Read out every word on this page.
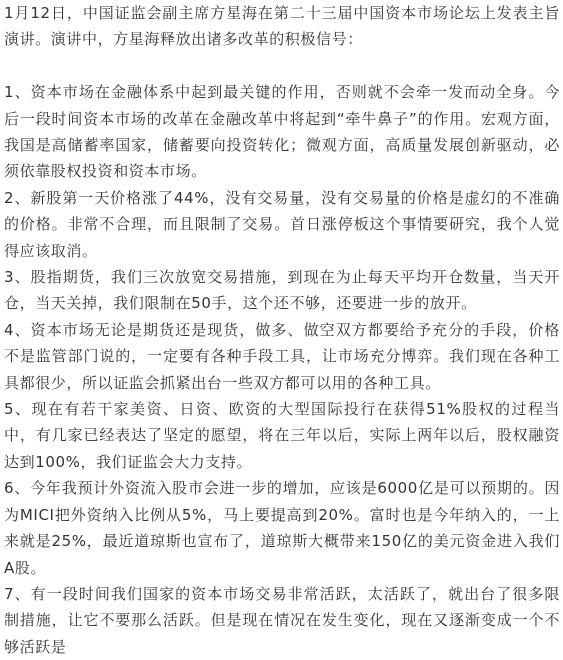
1月12日，中国证监会副主席方星海在第二十三届中国资本市场论坛上发表主旨演讲。演讲中，方星海释放出诸多改革的积极信号：

1、资本市场在金融体系中起到最关键的作用，否则就不会牵一发而动全身。今后一段时间资本市场的改革在金融改革中将起到“牵牛鼻子”的作用。宏观方面，我国是高储蓄率国家，储蓄要向投资转化；微观方面，高质量发展创新驱动，必须依靠股权投资和资本市场。

2、新股第一天价格涨了44%，没有交易量，没有交易量的价格是虚幻的不准确的价格。非常不合理，而且限制了交易。首日涨停板这个事情要研究，我个人觉得应该取消。

3、股指期货，我们三次放宽交易措施，到现在为止每天平均开仓数量，当天开仓，当天关掉，我们限制在50手，这个还不够，还要进一步的放开。

4、资本市场无论是期货还是现货，做多、做空双方都要给予充分的手段，价格不是监管部门说的，一定要有各种手段工具，让市场充分博弈。我们现在各种工具都很少，所以证监会抓紧出台一些双方都可以用的各种工具。

5、现在有若干家美资、日资、欧资的大型国际投行在获得51%股权的过程当中，有几家已经表达了坚定的愿望，将在三年以后，实际上两年以后，股权融资达到100%，我们证监会大力支持。

6、今年我预计外资流入股市会进一步的增加，应该是6000亿是可以预期的。因为MICI把外资纳入比例从5%，马上要提高到20%。富时也是今年纳入的，一上来就是25%，最近道琼斯也宣布了，道琼斯大概带来150亿的美元资金进入我们A股。

7、有一段时间我们国家的资本市场交易非常活跃，太活跃了，就出台了很多限制措施，让它不要那么活跃。但是现在情况在发生变化，现在又逐渐变成一个不够活跃是
